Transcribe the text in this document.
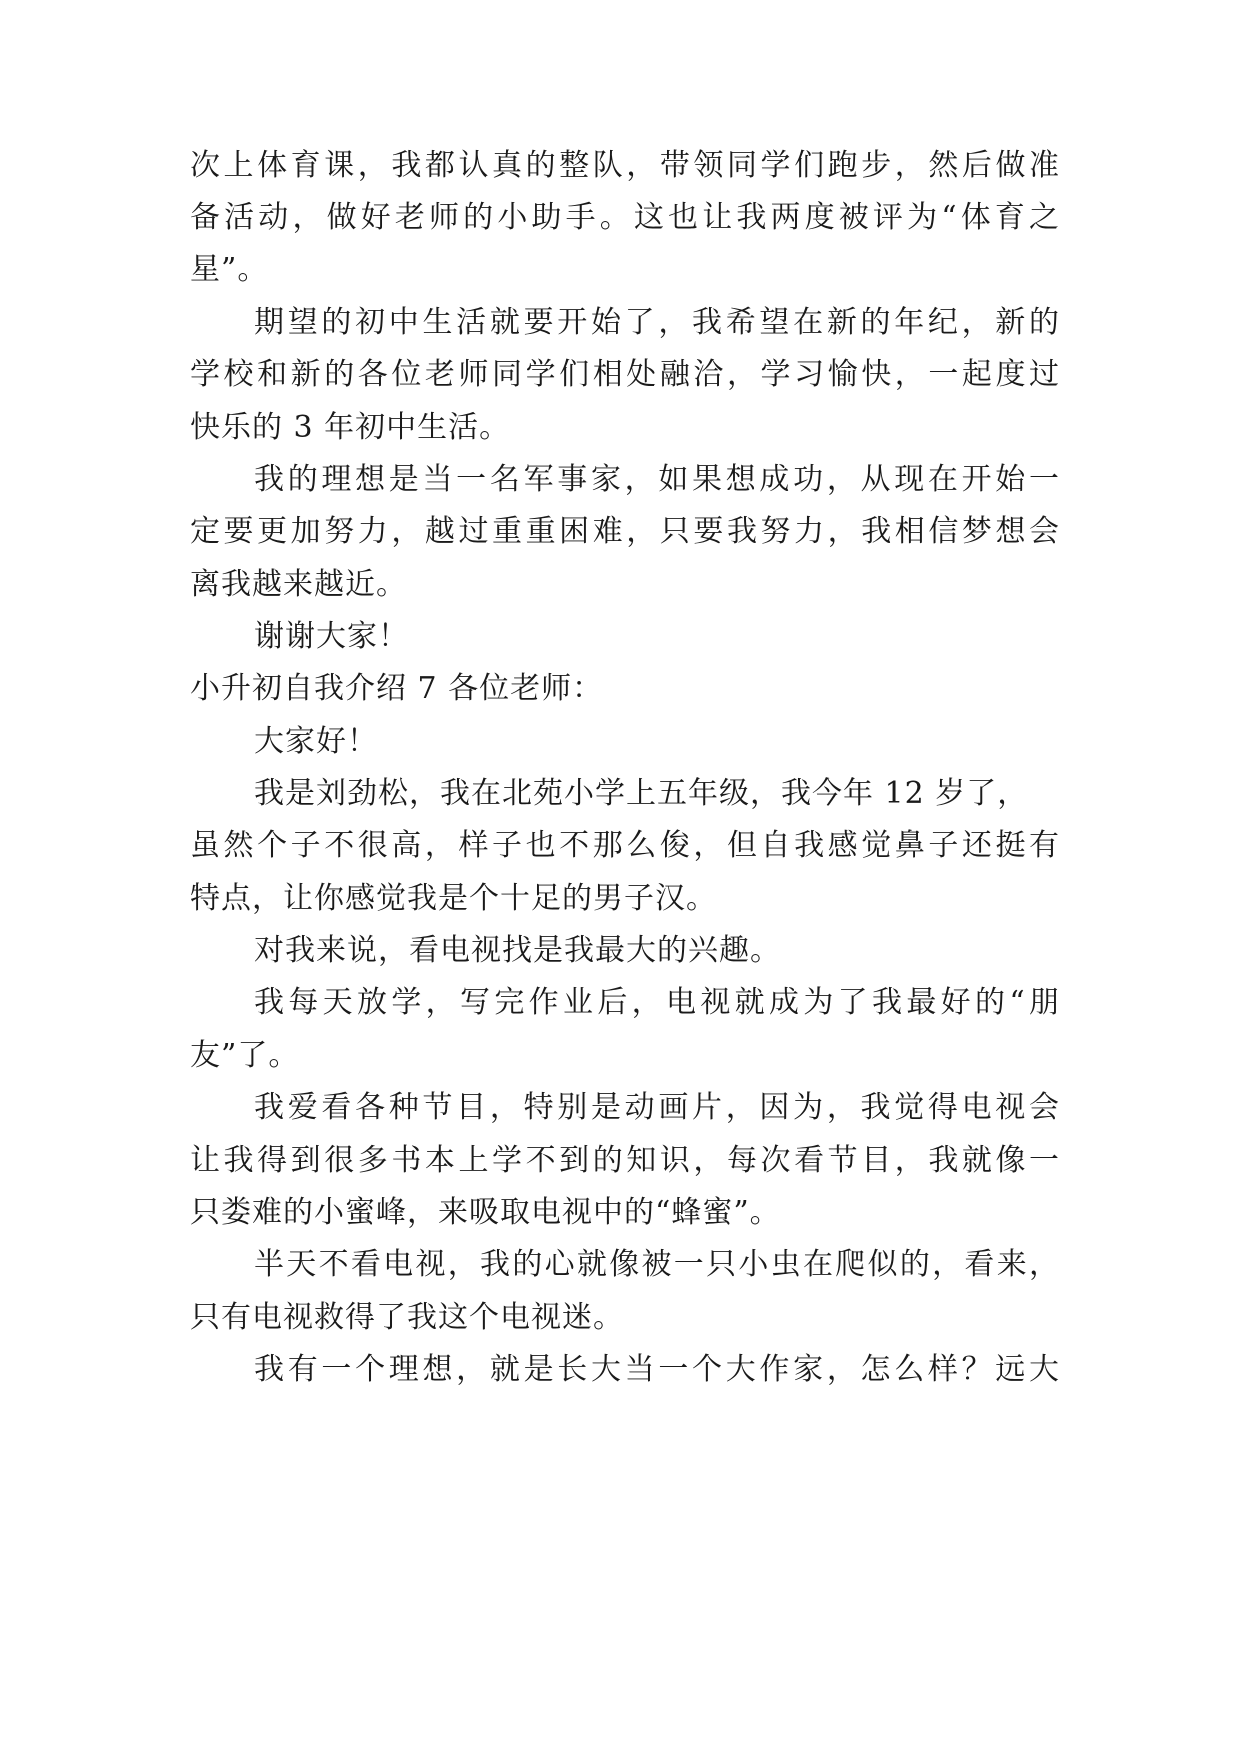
次上体育课，我都认真的整队，带领同学们跑步，然后做准
备活动，做好老师的小助手。这也让我两度被评为“体育之
星”。
期望的初中生活就要开始了，我希望在新的年纪，新的
学校和新的各位老师同学们相处融洽，学习愉快，一起度过
快乐的 3 年初中生活。
我的理想是当一名军事家，如果想成功，从现在开始一
定要更加努力，越过重重困难，只要我努力，我相信梦想会
离我越来越近。
谢谢大家！
小升初自我介绍 7 各位老师：
大家好！
我是刘劲松，我在北苑小学上五年级，我今年 12 岁了，
虽然个子不很高，样子也不那么俊，但自我感觉鼻子还挺有
特点，让你感觉我是个十足的男子汉。
对我来说，看电视找是我最大的兴趣。
我每天放学，写完作业后，电视就成为了我最好的“朋
友”了。
我爱看各种节目，特别是动画片，因为，我觉得电视会
让我得到很多书本上学不到的知识，每次看节目，我就像一
只娄难的小蜜峰，来吸取电视中的“蜂蜜”。
半天不看电视，我的心就像被一只小虫在爬似的，看来，
只有电视救得了我这个电视迷。
我有一个理想，就是长大当一个大作家，怎么样？远大
